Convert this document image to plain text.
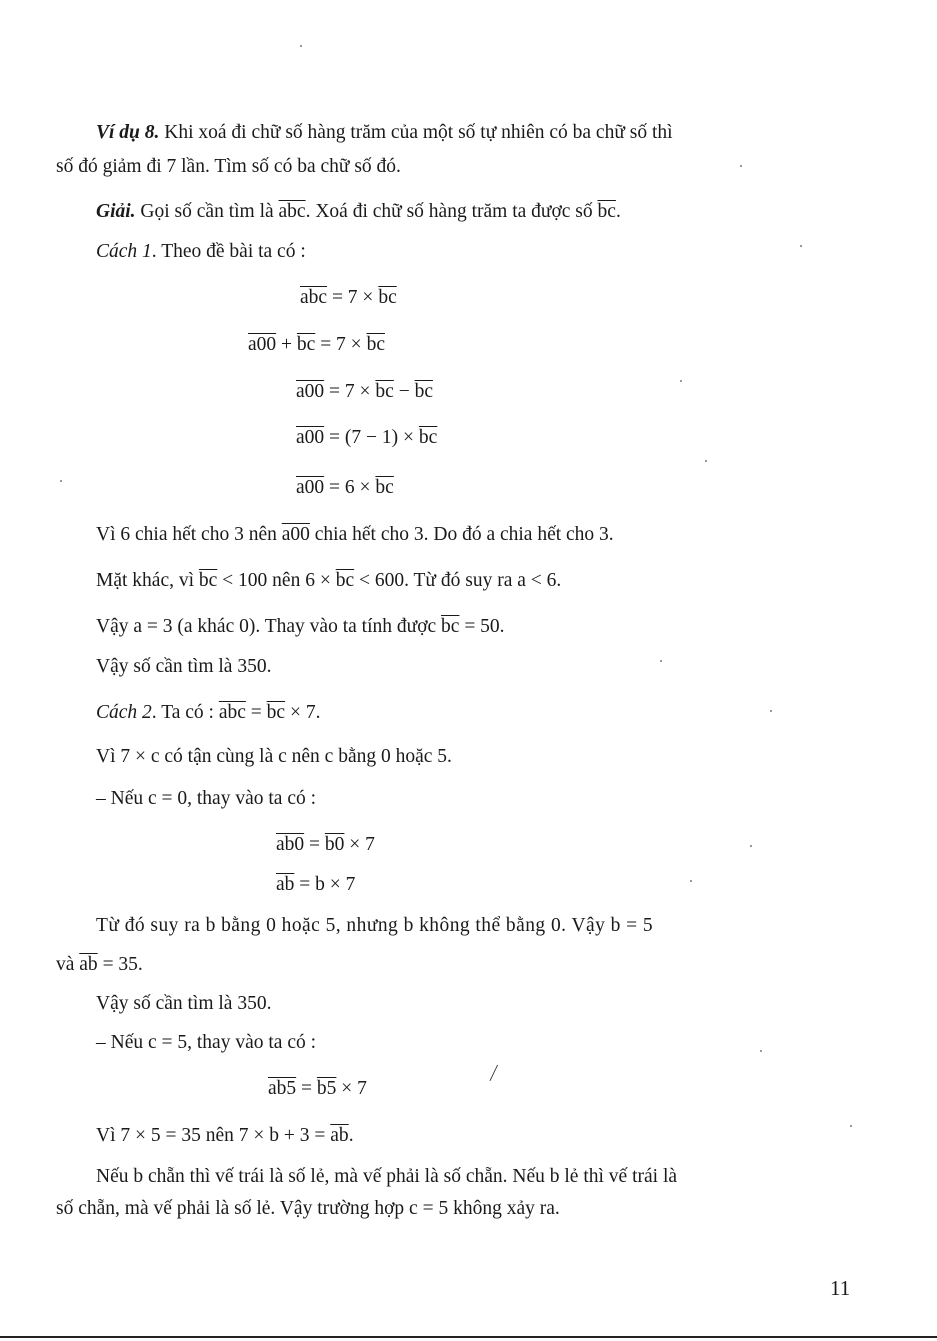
Ví dụ 8. Khi xoá đi chữ số hàng trăm của một số tự nhiên có ba chữ số thì
số đó giảm đi 7 lần. Tìm số có ba chữ số đó.
Giải. Gọi số cần tìm là $\overline{abc}$. Xoá đi chữ số hàng trăm ta được số $\overline{bc}$.
Cách 1. Theo đề bài ta có :
$\overline{abc} = 7 \times \overline{bc}$
$a00 + \overline{bc} = 7 \times \overline{bc}$
$a00 = 7 \times \overline{bc} - \overline{bc}$
$a00 = (7 - 1) \times \overline{bc}$
$a00 = 6 \times \overline{bc}$
Vì 6 chia hết cho 3 nên a00 chia hết cho 3. Do đó a chia hết cho 3.
Mặt khác, vì $\overline{bc} < 100$ nên $6 \times \overline{bc} < 600$. Từ đó suy ra a < 6.
Vậy a = 3 (a khác 0). Thay vào ta tính được $\overline{bc} = 50$.
Vậy số cần tìm là 350.
Cách 2. Ta có : $\overline{abc} = \overline{bc} \times 7$.
Vì 7 × c có tận cùng là c nên c bằng 0 hoặc 5.
– Nếu c = 0, thay vào ta có :
ab0 = b0 × 7
$\overline{ab} = b \times 7$
Từ đó suy ra b bằng 0 hoặc 5, nhưng b không thể bằng 0. Vậy b = 5
và $\overline{ab} = 35$.
Vậy số cần tìm là 350.
– Nếu c = 5, thay vào ta có :
ab5 = b5 × 7
Vì 7 × 5 = 35 nên $7 \times b + 3 = \overline{ab}$.
Nếu b chẵn thì vế trái là số lẻ, mà vế phải là số chẵn. Nếu b lẻ thì vế trái là
số chẵn, mà vế phải là số lẻ. Vậy trường hợp c = 5 không xảy ra.
⁄
11
